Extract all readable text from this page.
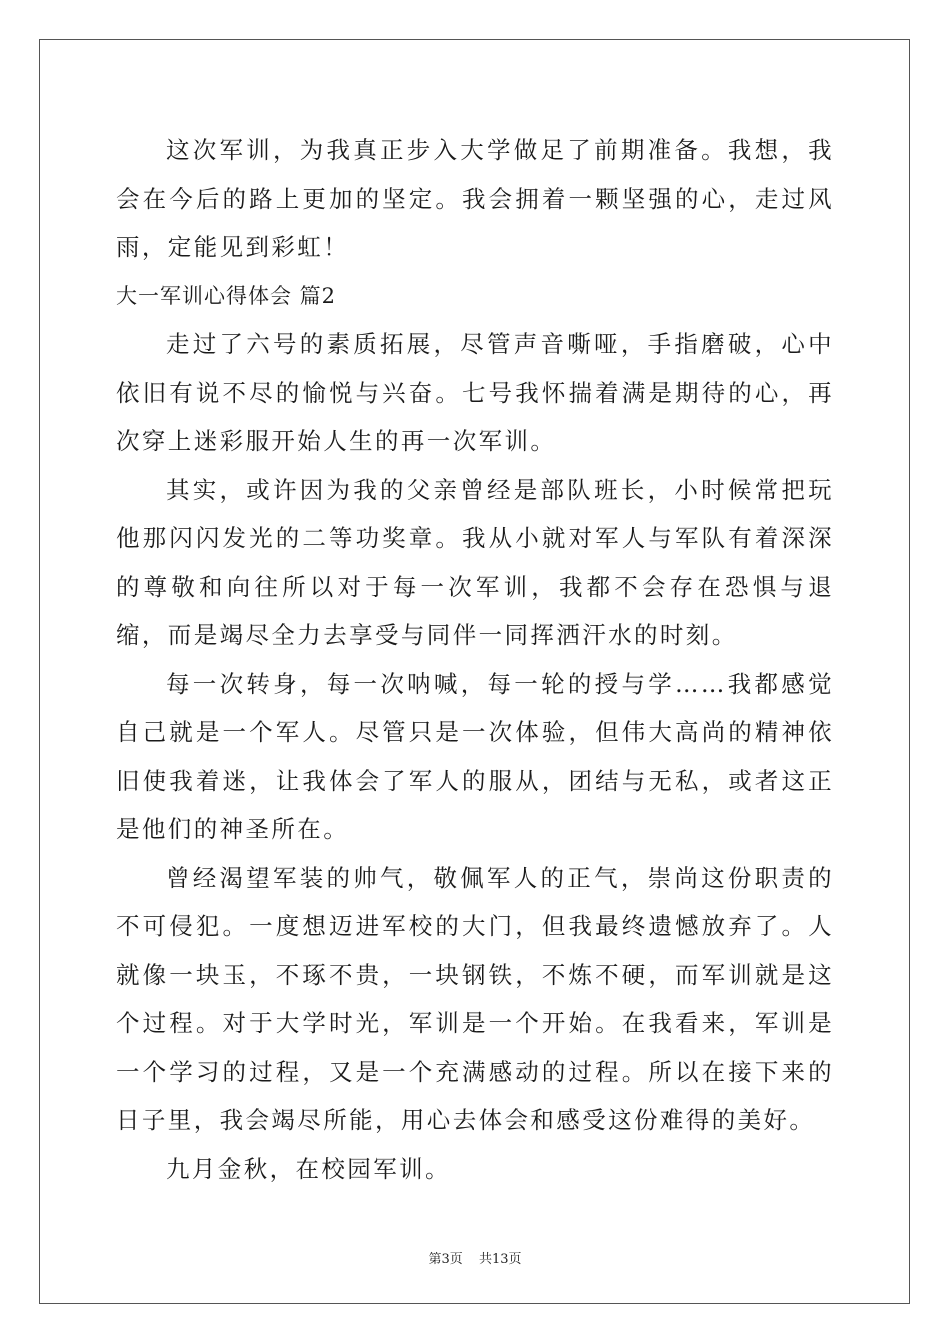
这次军训，为我真正步入大学做足了前期准备。我想，我会在今后的路上更加的坚定。我会拥着一颗坚强的心，走过风雨，定能见到彩虹！

大一军训心得体会 篇2

走过了六号的素质拓展，尽管声音嘶哑，手指磨破，心中依旧有说不尽的愉悦与兴奋。七号我怀揣着满是期待的心，再次穿上迷彩服开始人生的再一次军训。

其实，或许因为我的父亲曾经是部队班长，小时候常把玩他那闪闪发光的二等功奖章。我从小就对军人与军队有着深深的尊敬和向往所以对于每一次军训，我都不会存在恐惧与退缩，而是竭尽全力去享受与同伴一同挥洒汗水的时刻。

每一次转身，每一次呐喊，每一轮的授与学……我都感觉自己就是一个军人。尽管只是一次体验，但伟大高尚的精神依旧使我着迷，让我体会了军人的服从，团结与无私，或者这正是他们的神圣所在。

曾经渴望军装的帅气，敬佩军人的正气，崇尚这份职责的不可侵犯。一度想迈进军校的大门，但我最终遗憾放弃了。人就像一块玉，不琢不贵，一块钢铁，不炼不硬，而军训就是这个过程。对于大学时光，军训是一个开始。在我看来，军训是一个学习的过程，又是一个充满感动的过程。所以在接下来的日子里，我会竭尽所能，用心去体会和感受这份难得的美好。

九月金秋，在校园军训。

第3页 共13页
